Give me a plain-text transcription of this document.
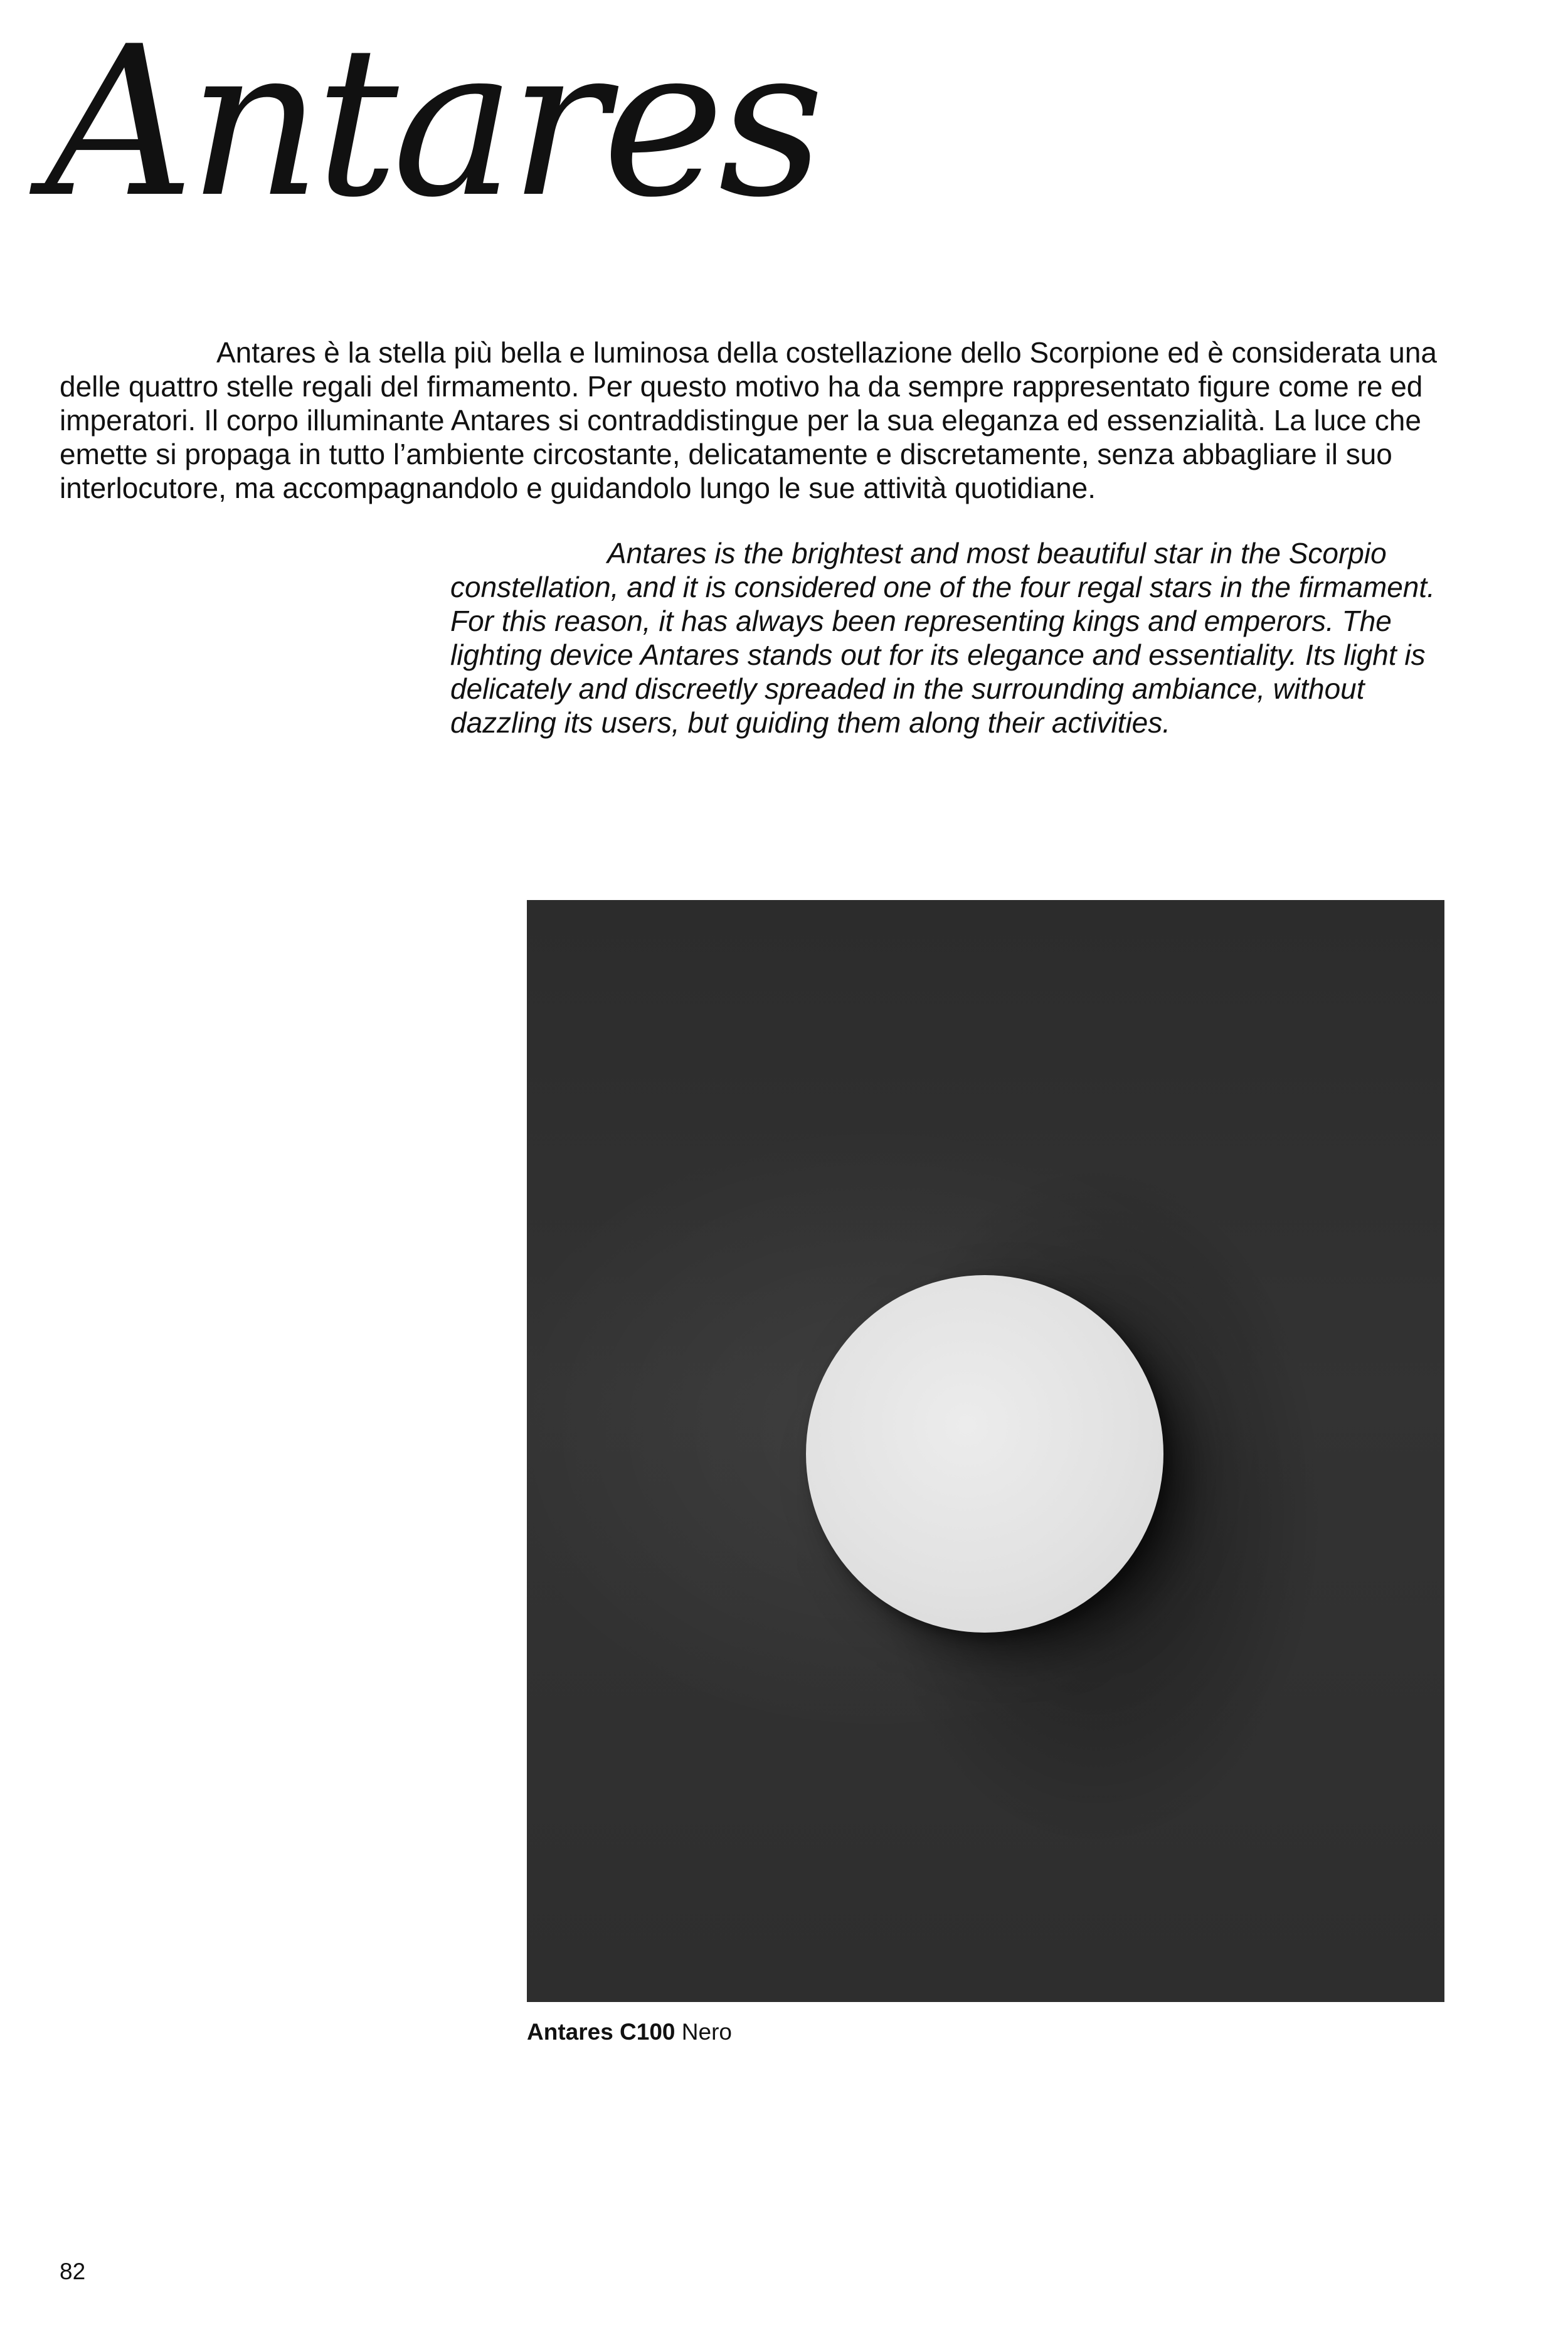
Antares

Antares è la stella più bella e luminosa della costellazione dello Scorpione ed è considerata una delle quattro stelle regali del firmamento. Per questo motivo ha da sempre rappresentato figure come re ed imperatori. Il corpo illuminante Antares si contraddistingue per la sua eleganza ed essenzialità. La luce che emette si propaga in tutto l’ambiente circostante, delicatamente e discretamente, senza abbagliare il suo interlocutore, ma accompagnandolo e guidandolo lungo le sue attività quotidiane.

Antares is the brightest and most beautiful star in the Scorpio constellation, and it is considered one of the four regal stars in the firmament. For this reason, it has always been representing kings and emperors. The lighting device Antares stands out for its elegance and essentiality. Its light is delicately and discreetly spreaded in the surrounding ambiance, without dazzling its users, but guiding them along their activities.

Antares C100 Nero

82
